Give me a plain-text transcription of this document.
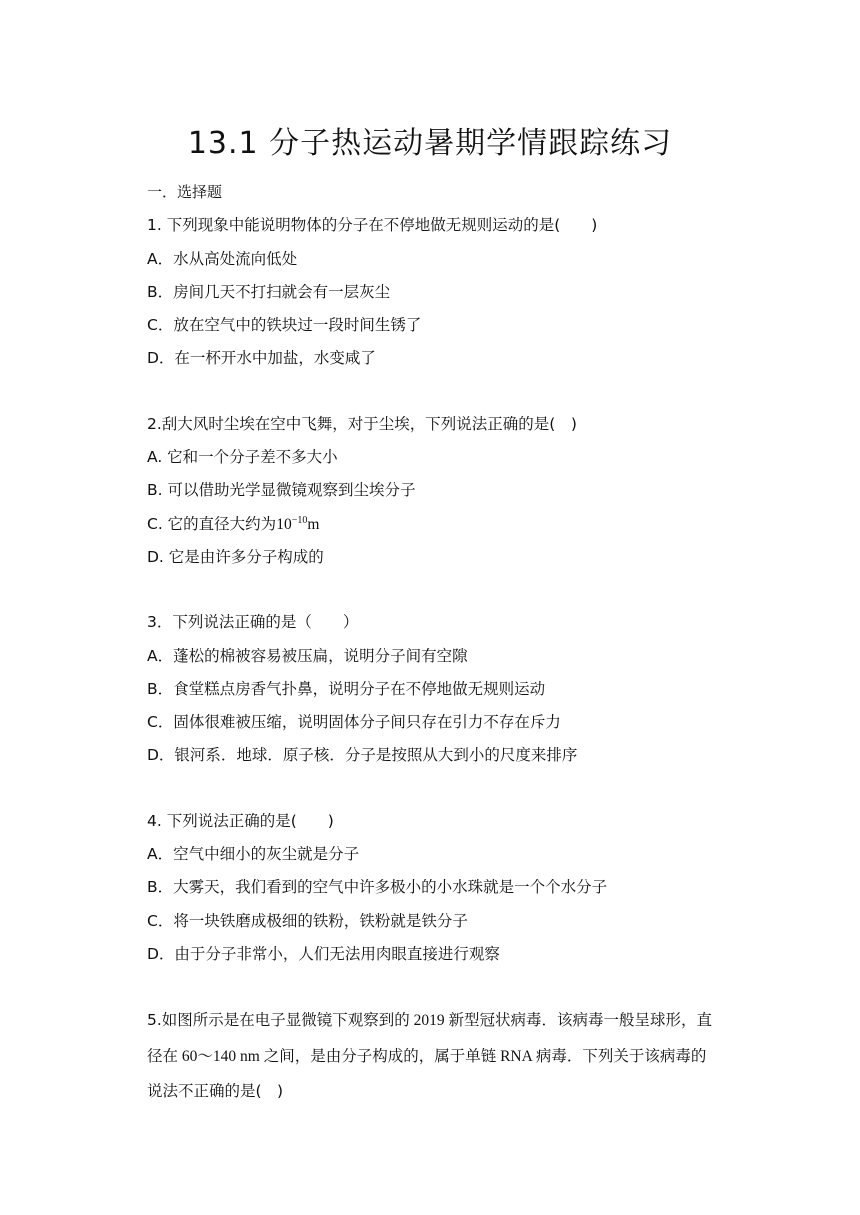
13.1 分子热运动暑期学情跟踪练习
一．选择题
1. 下列现象中能说明物体的分子在不停地做无规则运动的是(　　)
A．水从高处流向低处
B．房间几天不打扫就会有一层灰尘
C．放在空气中的铁块过一段时间生锈了
D．在一杯开水中加盐，水变咸了
2.刮大风时尘埃在空中飞舞，对于尘埃，下列说法正确的是(　)
A. 它和一个分子差不多大小
B. 可以借助光学显微镜观察到尘埃分子
C. 它的直径大约为$10^{-10}m$
D. 它是由许多分子构成的
3．下列说法正确的是（　　）
A．蓬松的棉被容易被压扁，说明分子间有空隙
B．食堂糕点房香气扑鼻，说明分子在不停地做无规则运动
C．固体很难被压缩，说明固体分子间只存在引力不存在斥力
D．银河系．地球．原子核．分子是按照从大到小的尺度来排序
4. 下列说法正确的是(　　)
A．空气中细小的灰尘就是分子
B．大雾天，我们看到的空气中许多极小的小水珠就是一个个水分子
C．将一块铁磨成极细的铁粉，铁粉就是铁分子
D．由于分子非常小，人们无法用肉眼直接进行观察
5.如图所示是在电子显微镜下观察到的 2019 新型冠状病毒．该病毒一般呈球形，直径在 60～140 nm 之间，是由分子构成的，属于单链 RNA 病毒．下列关于该病毒的说法不正确的是(　)
